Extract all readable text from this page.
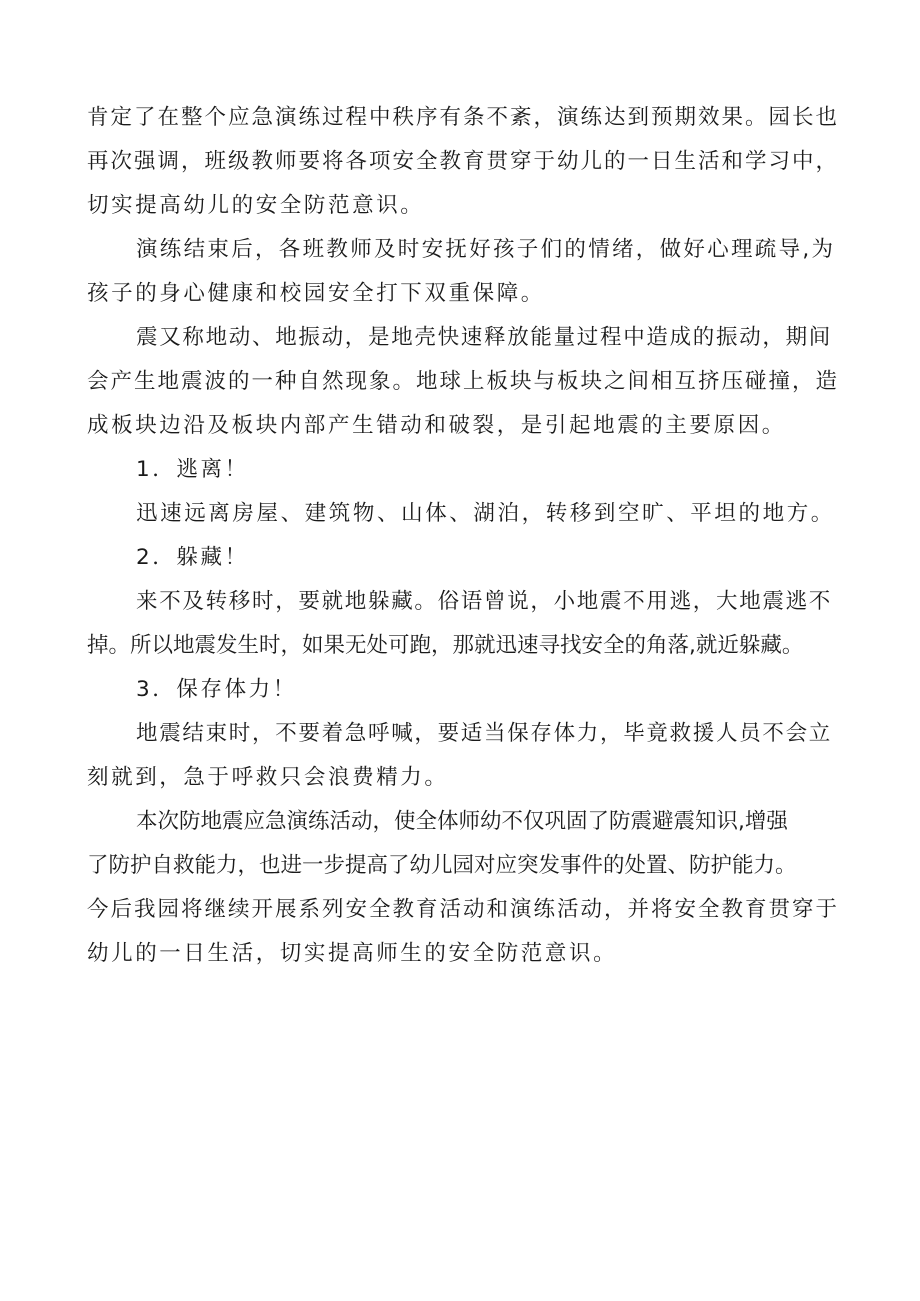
肯定了在整个应急演练过程中秩序有条不紊，演练达到预期效果。园长也
再次强调，班级教师要将各项安全教育贯穿于幼儿的一日生活和学习中，
切实提高幼儿的安全防范意识。
演练结束后，各班教师及时安抚好孩子们的情绪，做好心理疏导,为
孩子的身心健康和校园安全打下双重保障。
震又称地动、地振动，是地壳快速释放能量过程中造成的振动，期间
会产生地震波的一种自然现象。地球上板块与板块之间相互挤压碰撞，造
成板块边沿及板块内部产生错动和破裂，是引起地震的主要原因。
1．逃离！
迅速远离房屋、建筑物、山体、湖泊，转移到空旷、平坦的地方。
2．躲藏！
来不及转移时，要就地躲藏。俗语曾说，小地震不用逃，大地震逃不
掉。所以地震发生时，如果无处可跑，那就迅速寻找安全的角落,就近躲藏。
3．保存体力！
地震结束时，不要着急呼喊，要适当保存体力，毕竟救援人员不会立
刻就到，急于呼救只会浪费精力。
本次防地震应急演练活动，使全体师幼不仅巩固了防震避震知识,增强
了防护自救能力，也进一步提高了幼儿园对应突发事件的处置、防护能力。
今后我园将继续开展系列安全教育活动和演练活动，并将安全教育贯穿于
幼儿的一日生活，切实提高师生的安全防范意识。
